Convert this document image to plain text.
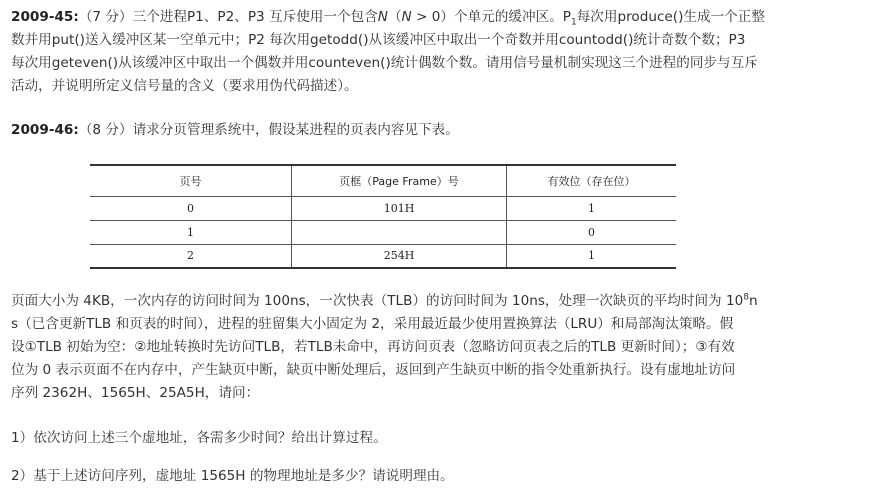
2009-45:（7 分）三个进程P1、P2、P3 互斥使用一个包含N（N > 0）个单元的缓冲区。$P_1$每次用produce()生成一个正整
数并用put()送入缓冲区某一空单元中；P2 每次用getodd()从该缓冲区中取出一个奇数并用countodd()统计奇数个数；P3
每次用geteven()从该缓冲区中取出一个偶数并用counteven()统计偶数个数。请用信号量机制实现这三个进程的同步与互斥
活动，并说明所定义信号量的含义（要求用伪代码描述）。
2009-46:（8 分）请求分页管理系统中，假设某进程的页表内容见下表。
页号	页框（Page Frame）号	有效位（存在位）
0	101H	1
1		0
2	254H	1
页面大小为 4KB，一次内存的访问时间为 100ns，一次快表（TLB）的访问时间为 10ns，处理一次缺页的平均时间为 $10^8n$
s（已含更新TLB 和页表的时间），进程的驻留集大小固定为 2，采用最近最少使用置换算法（LRU）和局部淘汰策略。假
设①TLB 初始为空：②地址转换时先访问TLB，若TLB未命中，再访问页表（忽略访问页表之后的TLB 更新时间）；③有效
位为 0 表示页面不在内存中，产生缺页中断，缺页中断处理后，返回到产生缺页中断的指令处重新执行。设有虚地址访问
序列 2362H、1565H、25A5H，请问：
1）依次访问上述三个虚地址，各需多少时间？给出计算过程。
2）基于上述访问序列，虚地址 1565H 的物理地址是多少？请说明理由。
